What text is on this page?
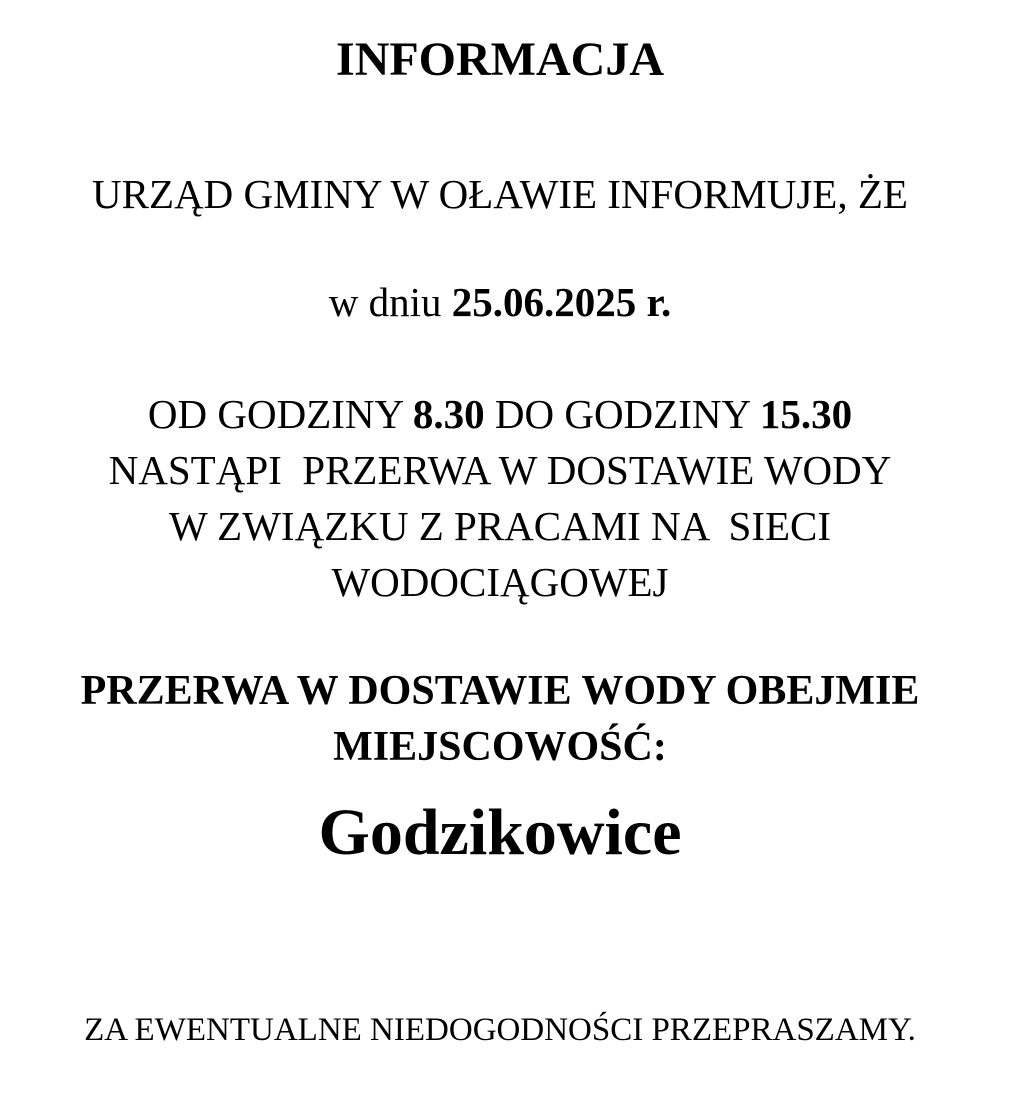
INFORMACJA
URZĄD GMINY W OŁAWIE INFORMUJE, ŻE
w dniu 25.06.2025 r.
OD GODZINY 8.30 DO GODZINY 15.30
NASTĄPI  PRZERWA W DOSTAWIE WODY
W ZWIĄZKU Z PRACAMI NA  SIECI
WODOCIĄGOWEJ
PRZERWA W DOSTAWIE WODY OBEJMIE
MIEJSCOWOŚĆ:
Godzikowice
ZA EWENTUALNE NIEDOGODNOŚCI PRZEPRASZAMY.
